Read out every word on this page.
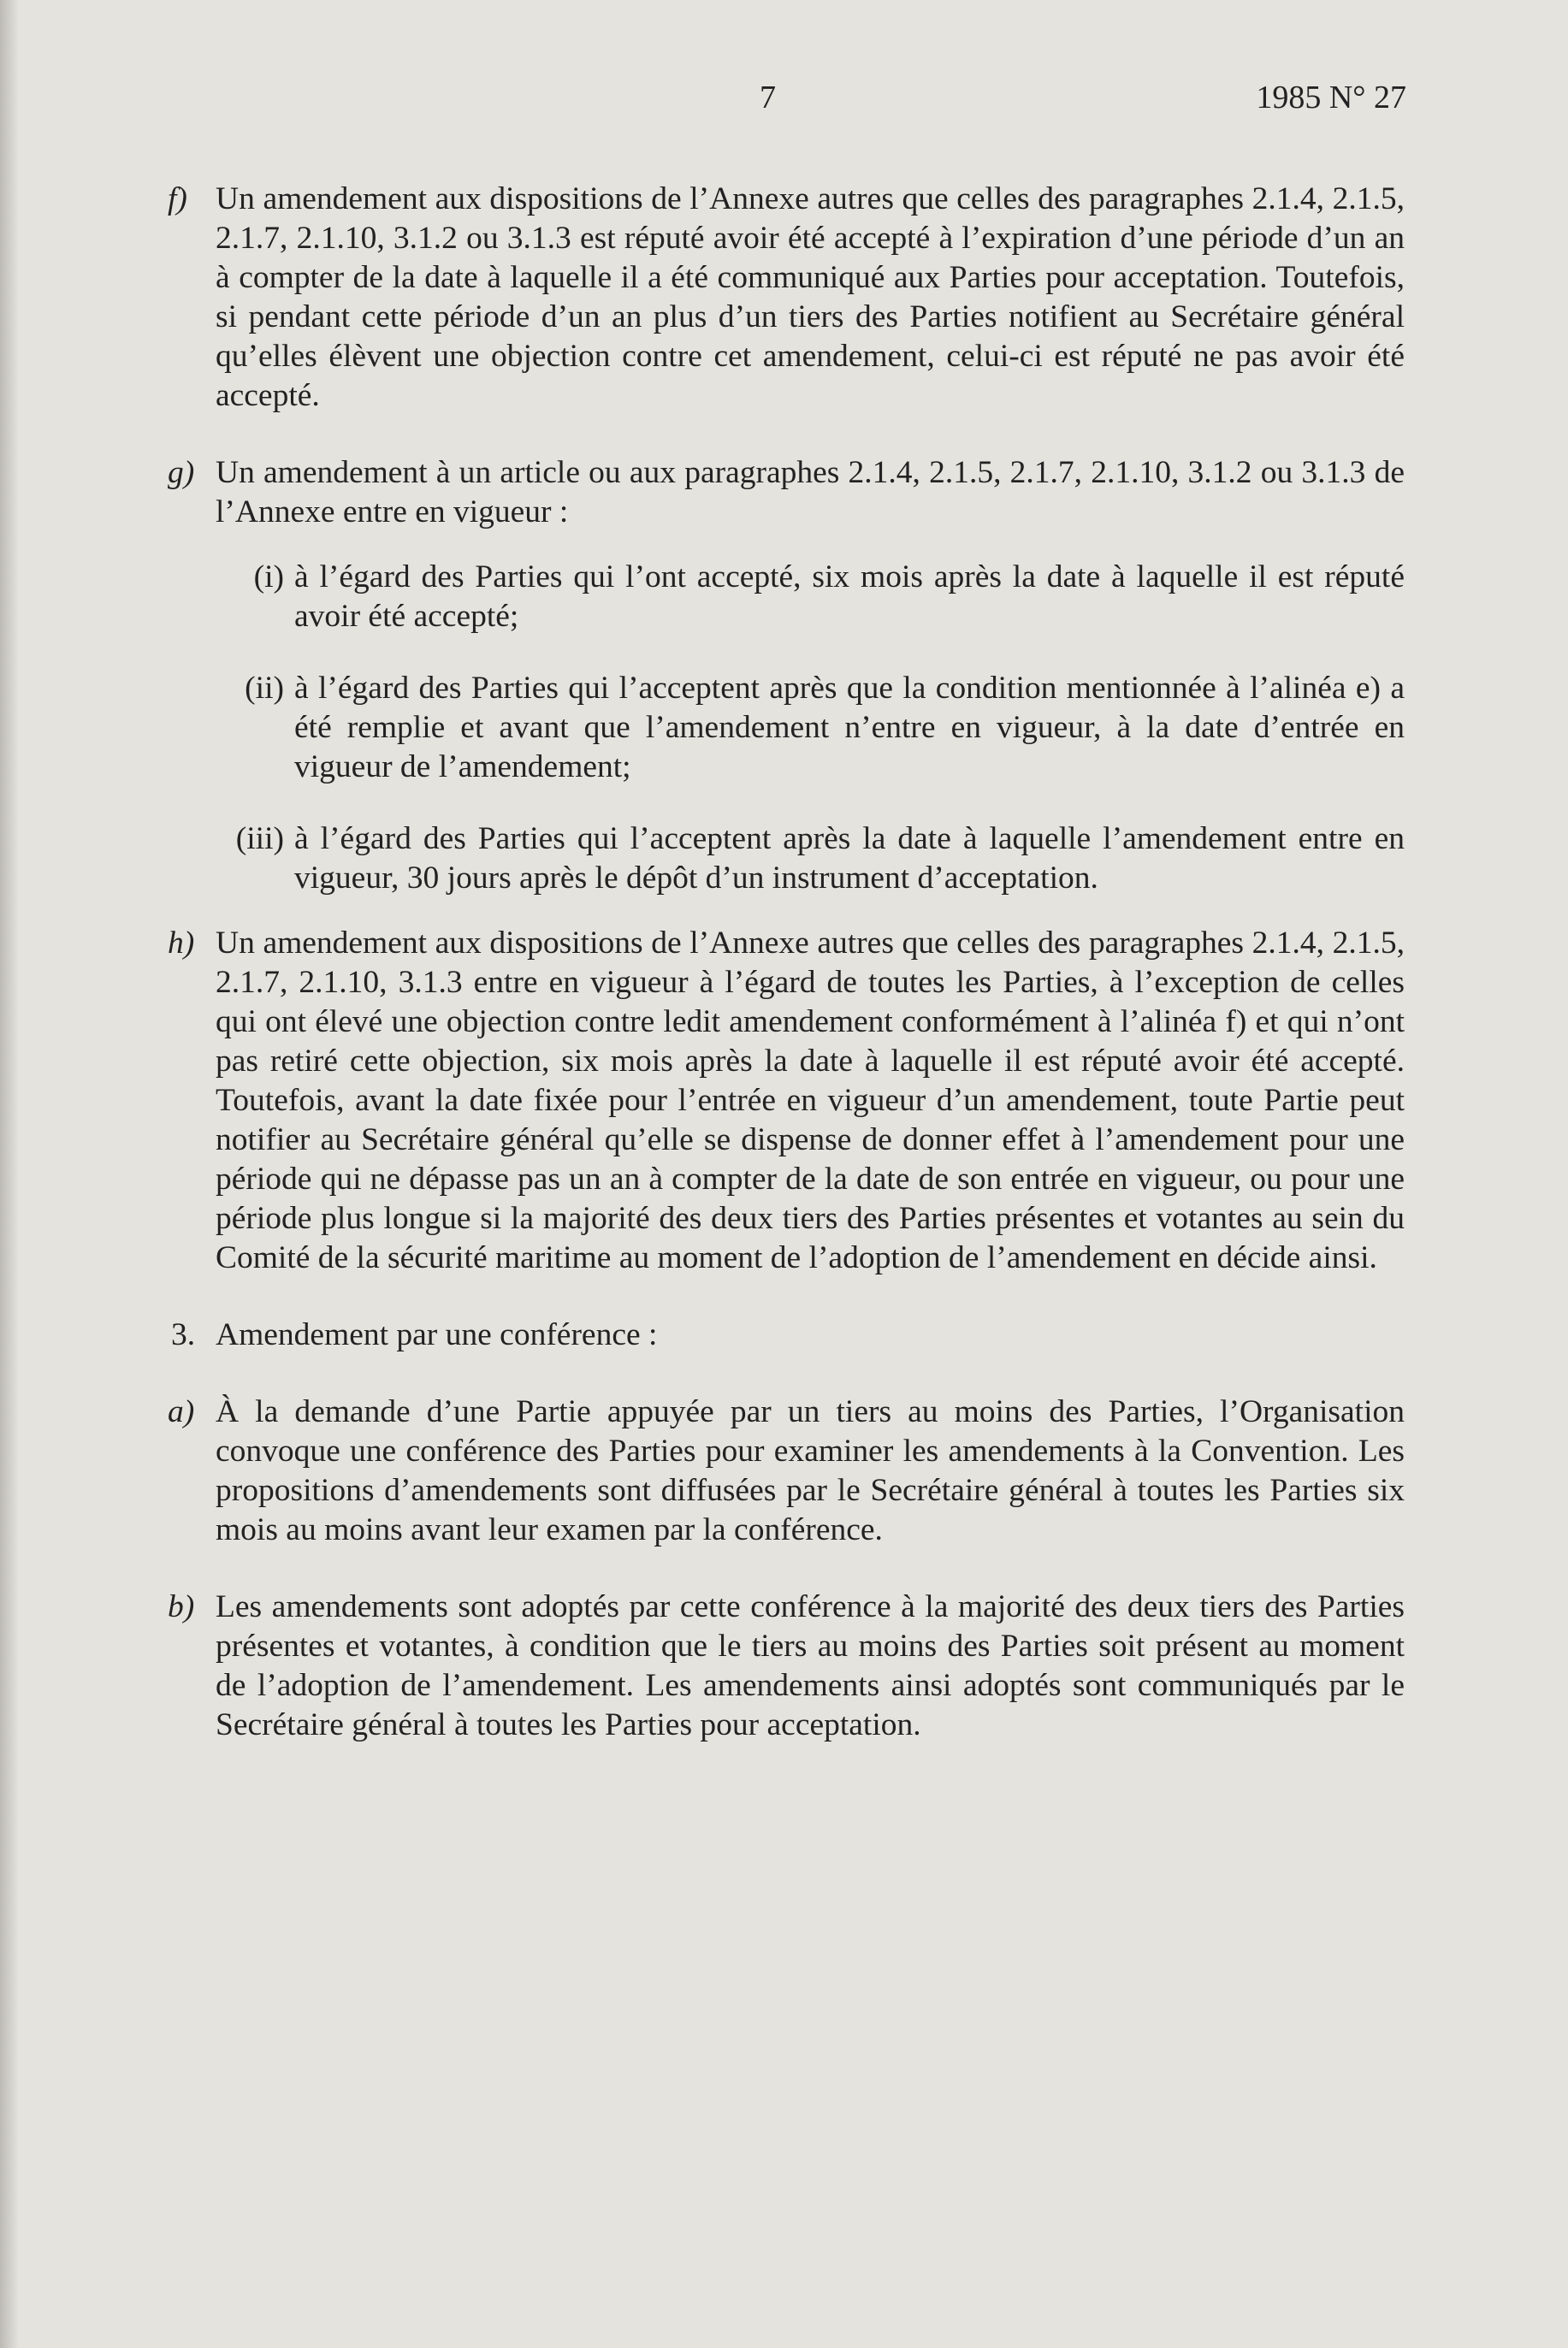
7	1985 N° 27
f) Un amendement aux dispositions de l’Annexe autres que celles des paragraphes 2.1.4, 2.1.5, 2.1.7, 2.1.10, 3.1.2 ou 3.1.3 est réputé avoir été accepté à l’expiration d’une période d’un an à compter de la date à laquelle il a été communiqué aux Parties pour acceptation. Toutefois, si pendant cette période d’un an plus d’un tiers des Parties notifient au Secrétaire général qu’elles élèvent une objection contre cet amendement, celui-ci est réputé ne pas avoir été accepté.
g) Un amendement à un article ou aux paragraphes 2.1.4, 2.1.5, 2.1.7, 2.1.10, 3.1.2 ou 3.1.3 de l’Annexe entre en vigueur :
(i) à l’égard des Parties qui l’ont accepté, six mois après la date à laquelle il est réputé avoir été accepté;
(ii) à l’égard des Parties qui l’acceptent après que la condition mentionnée à l’alinéa e) a été remplie et avant que l’amendement n’entre en vigueur, à la date d’entrée en vigueur de l’amendement;
(iii) à l’égard des Parties qui l’acceptent après la date à laquelle l’amendement entre en vigueur, 30 jours après le dépôt d’un instrument d’acceptation.
h) Un amendement aux dispositions de l’Annexe autres que celles des paragraphes 2.1.4, 2.1.5, 2.1.7, 2.1.10, 3.1.3 entre en vigueur à l’égard de toutes les Parties, à l’exception de celles qui ont élevé une objection contre ledit amendement conformément à l’alinéa f) et qui n’ont pas retiré cette objection, six mois après la date à laquelle il est réputé avoir été accepté. Toutefois, avant la date fixée pour l’entrée en vigueur d’un amendement, toute Partie peut notifier au Secrétaire général qu’elle se dispense de donner effet à l’amendement pour une période qui ne dépasse pas un an à compter de la date de son entrée en vigueur, ou pour une période plus longue si la majorité des deux tiers des Parties présentes et votantes au sein du Comité de la sécurité maritime au moment de l’adoption de l’amendement en décide ainsi.
3. Amendement par une conférence :
a) À la demande d’une Partie appuyée par un tiers au moins des Parties, l’Organisation convoque une conférence des Parties pour examiner les amendements à la Convention. Les propositions d’amendements sont diffusées par le Secrétaire général à toutes les Parties six mois au moins avant leur examen par la conférence.
b) Les amendements sont adoptés par cette conférence à la majorité des deux tiers des Parties présentes et votantes, à condition que le tiers au moins des Parties soit présent au moment de l’adoption de l’amendement. Les amendements ainsi adoptés sont communiqués par le Secrétaire général à toutes les Parties pour acceptation.
